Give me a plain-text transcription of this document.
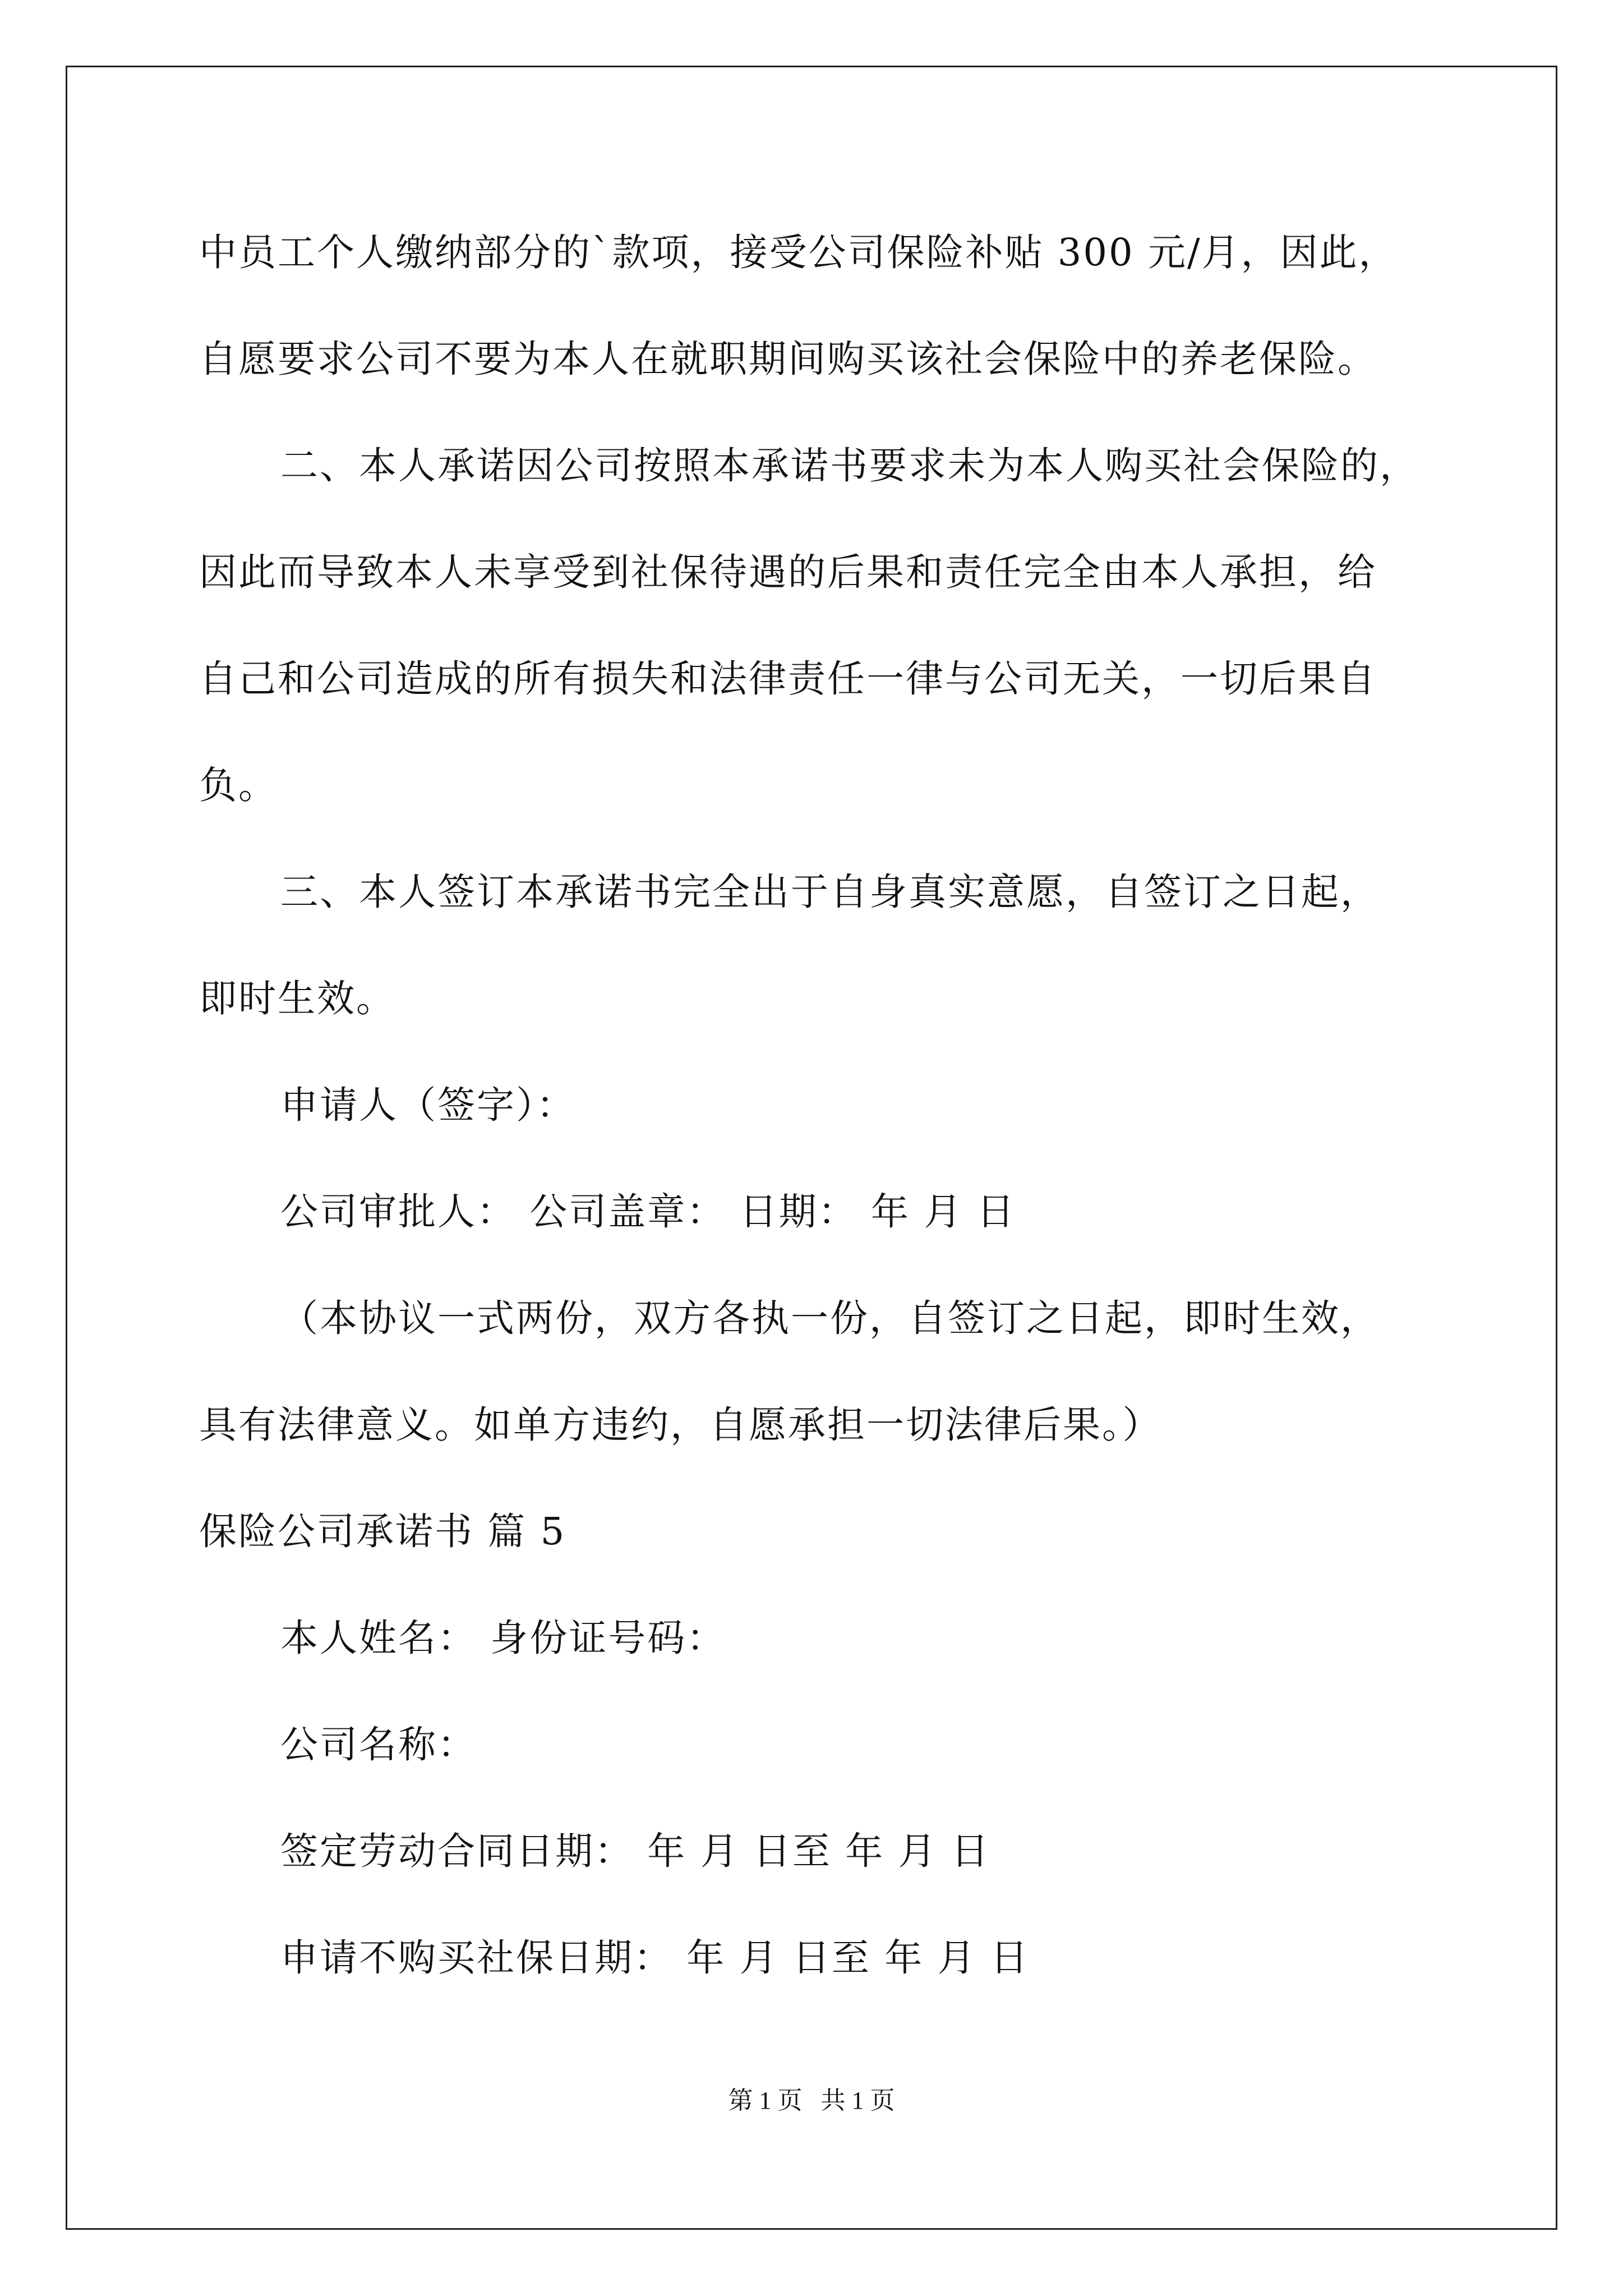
中员工个人缴纳部分的`款项，接受公司保险补贴 300 元/月，因此，
自愿要求公司不要为本人在就职期间购买该社会保险中的养老保险。
二、本人承诺因公司按照本承诺书要求未为本人购买社会保险的，
因此而导致本人未享受到社保待遇的后果和责任完全由本人承担，给
自己和公司造成的所有损失和法律责任一律与公司无关，一切后果自
负。
三、本人签订本承诺书完全出于自身真实意愿，自签订之日起，
即时生效。
申请人（签字）：
公司审批人： 公司盖章： 日期： 年 月 日
（本协议一式两份，双方各执一份，自签订之日起，即时生效，
具有法律意义。如单方违约，自愿承担一切法律后果。）
保险公司承诺书 篇 5
本人姓名： 身份证号码：
公司名称：
签定劳动合同日期： 年 月 日至 年 月 日
申请不购买社保日期： 年 月 日至 年 月 日
第 1 页   共 1 页
